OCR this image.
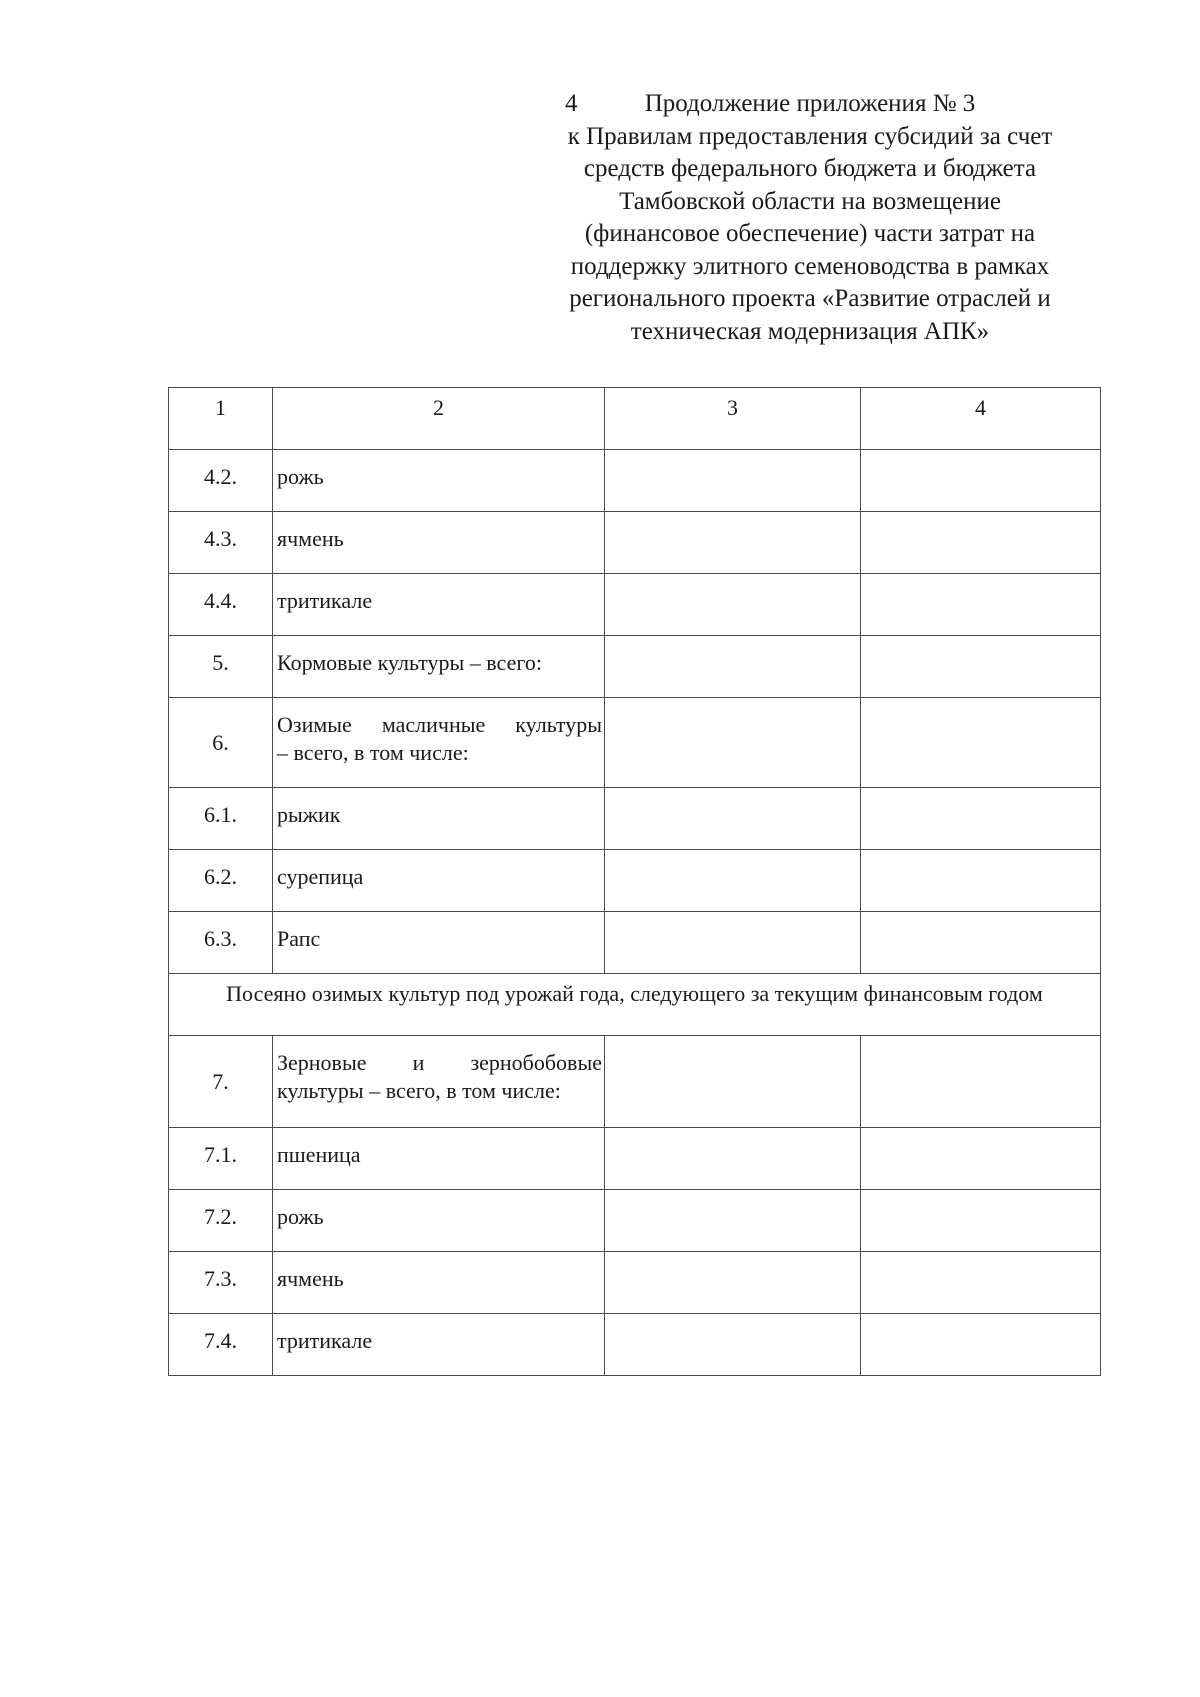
4	Продолжение приложения № 3
к Правилам предоставления субсидий за счет
средств федерального бюджета и бюджета
Тамбовской области на возмещение
(финансовое обеспечение) части затрат на
поддержку элитного семеноводства в рамках
регионального проекта «Развитие отраслей и
техническая модернизация АПК»
1	2	3	4
4.2.	рожь		
4.3.	ячмень		
4.4.	тритикале		
5.	Кормовые культуры – всего:		
6.	Озимые масличные культуры
– всего, в том числе:		

6.1.	рыжик		
6.2.	сурепица		
6.3.	Рапс		
Посеяно озимых культур под урожай года, следующего за текущим финансовым годом			
7.	Зерновые и зернобобовые
культуры – всего, в том числе:		

7.1.	пшеница		
7.2.	рожь		
7.3.	ячмень		
7.4.	тритикале		
